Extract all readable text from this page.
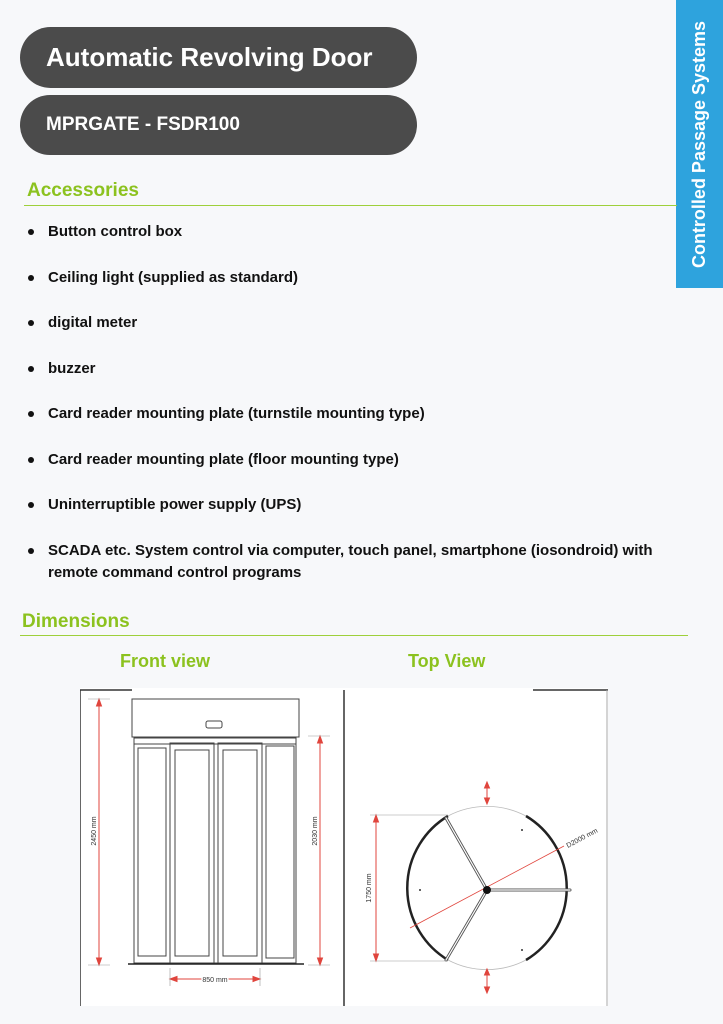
Automatic Revolving Door
MPRGATE - FSDR100	Controlled Passage Systems
Accessories
Button control box
Ceiling light (supplied as standard)
digital meter
buzzer
Card reader mounting plate (turnstile mounting type)
Card reader mounting plate (floor mounting type)
Uninterruptible power supply (UPS)
SCADA etc. System control via computer, touch panel, smartphone (iosondroid) with remote command control programs
Dimensions
Front view	Top View
2450 mm	2030 mm
850 mm
1750 mm
D2000 mm
